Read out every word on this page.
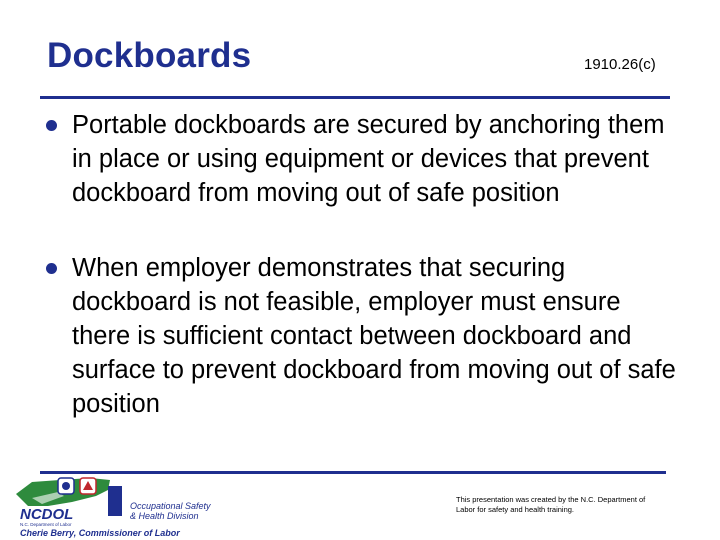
Dockboards	1910.26(c)
Portable dockboards are secured by anchoring them in place or using equipment or devices that prevent dockboard from moving out of safe position
When employer demonstrates that securing dockboard is not feasible, employer must ensure there is sufficient contact between dockboard and surface to prevent dockboard from moving out of safe position
NCDOL
N.C. Department of Labor
Occupational Safety
& Health Division
Cherie Berry, Commissioner of Labor
This presentation was created by the N.C. Department of Labor for safety and health training.
